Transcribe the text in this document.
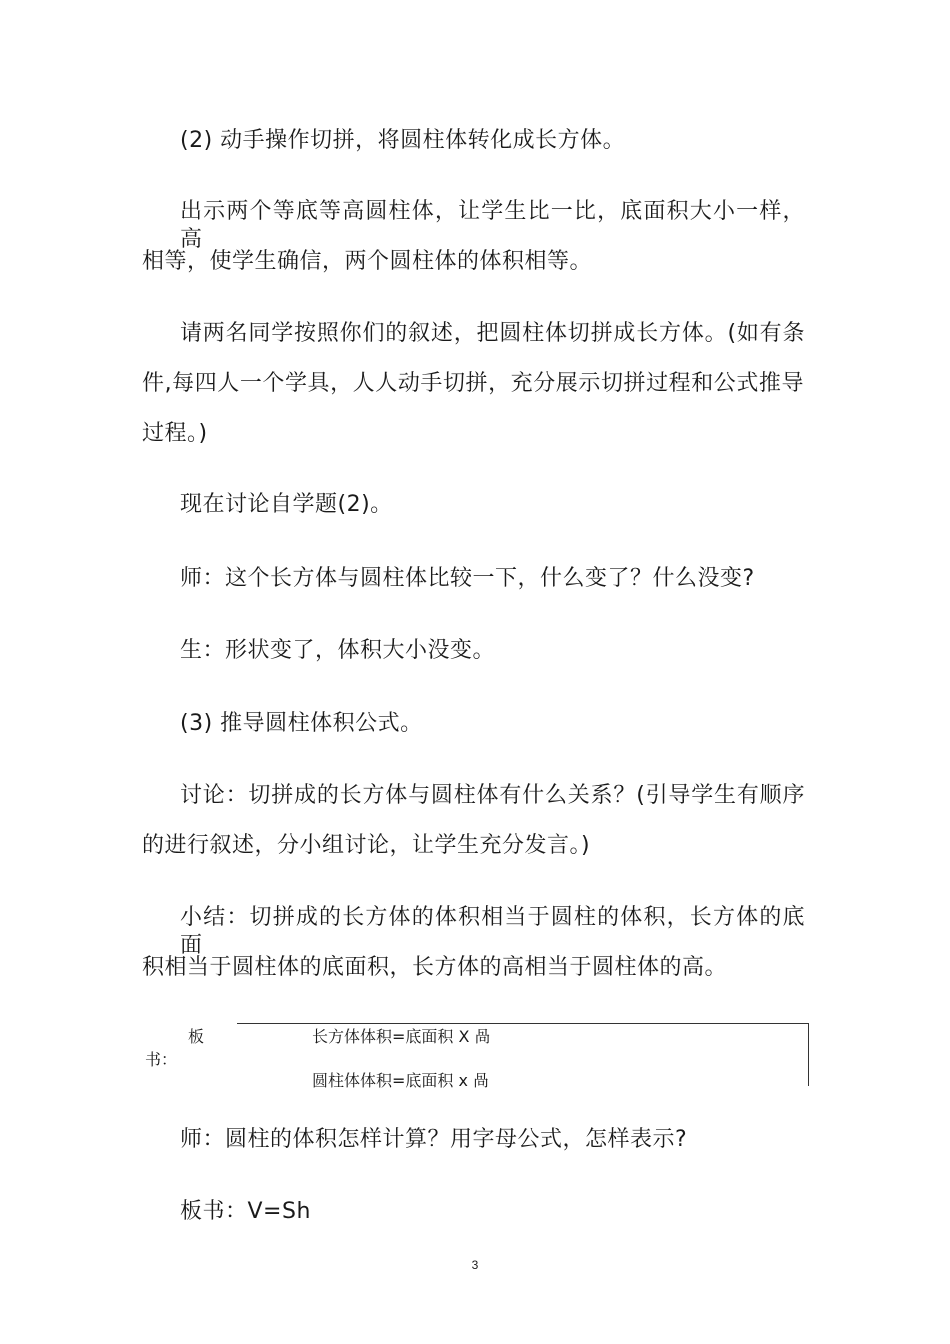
(2) 动手操作切拼，将圆柱体转化成长方体。
出示两个等底等高圆柱体，让学生比一比，底面积大小一样，高
相等，使学生确信，两个圆柱体的体积相等。
请两名同学按照你们的叙述，把圆柱体切拼成长方体。(如有条
件,每四人一个学具，人人动手切拼，充分展示切拼过程和公式推导
过程。)
现在讨论自学题(2)。
师：这个长方体与圆柱体比较一下，什么变了？什么没变?
生：形状变了，体积大小没变。
(3) 推导圆柱体积公式。
讨论：切拼成的长方体与圆柱体有什么关系？(引导学生有顺序
的进行叙述，分小组讨论，让学生充分发言。)
小结：切拼成的长方体的体积相当于圆柱的体积，长方体的底面
积相当于圆柱体的底面积，长方体的高相当于圆柱体的高。
板
书：
长方体体积=底面积 X 咼
圆柱体体积=底面积 x 咼
师：圆柱的体积怎样计算？用字母公式，怎样表示?
板书：V=Sh
3
